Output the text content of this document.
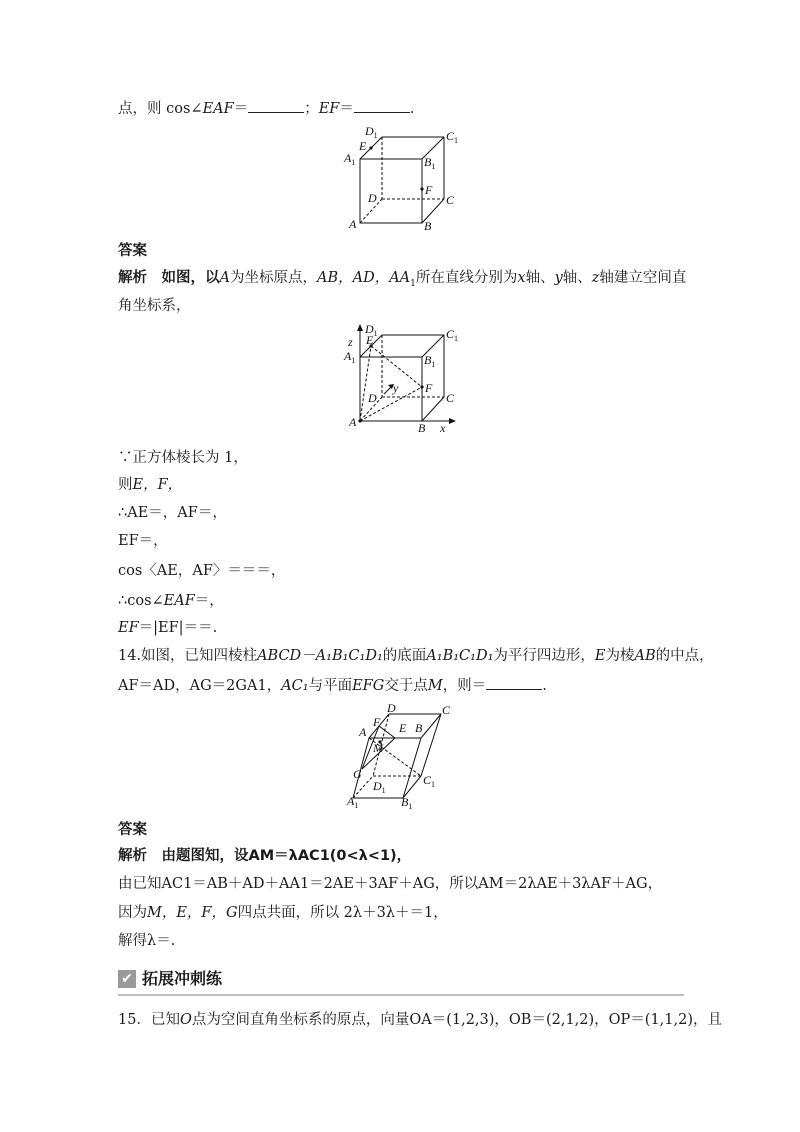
点，则 cos∠EAF＝	；EF＝	.
$D_1$	$C_1$
E
$A_1$	$B_1$
F
D	C
A	B
答案
解析　如图，以A为坐标原点，AB，AD，$AA_1$所在直线分别为x轴、y轴、z轴建立空间直
角坐标系，
z
$D_1$	$C_1$
E
$A_1$	$B_1$
y F
D	C
A	B x
∵正方体棱长为 1，
则E，F，
∴AE＝，AF＝，
EF＝，
cos〈AE，AF〉＝＝＝，
∴cos∠EAF＝，
EF＝|EF|＝＝.
14.如图，已知四棱柱ABCD－A₁B₁C₁D₁的底面A₁B₁C₁D₁为平行四边形，E为棱AB的中点，
AF＝AD，AG＝2GA1，AC₁与平面EFG交于点M，则＝	.
D	C
F E B
A
M
G	$C_1$
$D_1$
$A_1$	$B_1$
答案
解析　由题图知，设AM＝λAC1(0<λ<1)，
由已知AC1＝AB＋AD＋AA1＝2AE＋3AF＋AG，所以AM＝2λAE＋3λAF＋AG，
因为M，E，F，G四点共面，所以 2λ＋3λ＋＝1，
解得λ＝.
✔ 拓展冲刺练
15．已知O点为空间直角坐标系的原点，向量OA＝(1,2,3)，OB＝(2,1,2)，OP＝(1,1,2)，且
